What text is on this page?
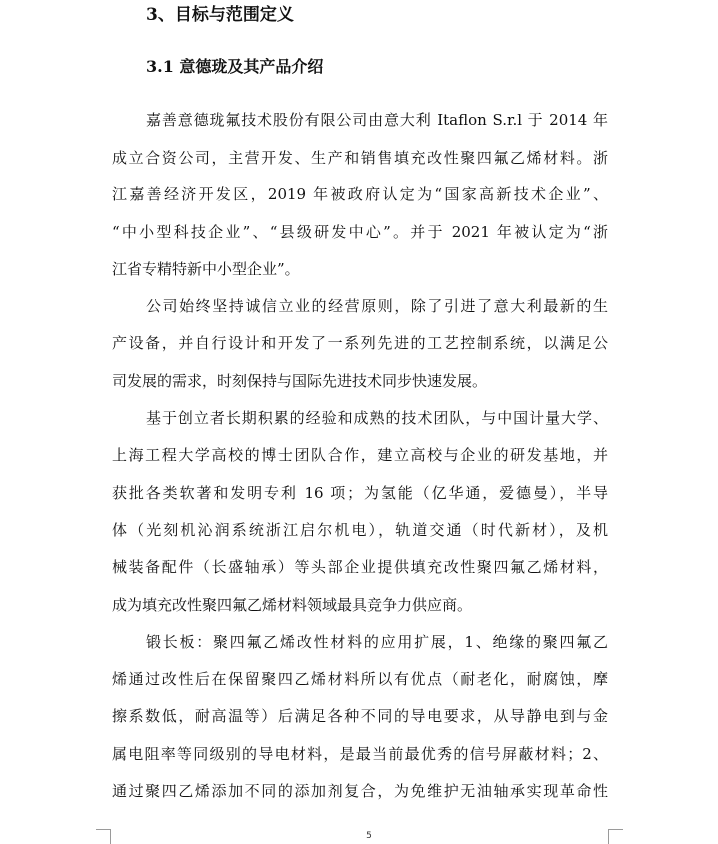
3、目标与范围定义
3.1 意德珑及其产品介绍
嘉善意德珑氟技术股份有限公司由意大利 Itaflon S.r.l 于 2014 年
成立合资公司，主营开发、生产和销售填充改性聚四氟乙烯材料。浙
江嘉善经济开发区，2019 年被政府认定为“国家高新技术企业”、
“中小型科技企业”、“县级研发中心”。并于 2021 年被认定为“浙
江省专精特新中小型企业”。
公司始终坚持诚信立业的经营原则，除了引进了意大利最新的生
产设备，并自行设计和开发了一系列先进的工艺控制系统，以满足公
司发展的需求，时刻保持与国际先进技术同步快速发展。
基于创立者长期积累的经验和成熟的技术团队，与中国计量大学、
上海工程大学高校的博士团队合作，建立高校与企业的研发基地，并
获批各类软著和发明专利 16 项；为氢能（亿华通，爱德曼），半导
体（光刻机沁润系统浙江启尔机电），轨道交通（时代新材），及机
械装备配件（长盛轴承）等头部企业提供填充改性聚四氟乙烯材料，
成为填充改性聚四氟乙烯材料领域最具竞争力供应商。
锻长板：聚四氟乙烯改性材料的应用扩展，1、绝缘的聚四氟乙
烯通过改性后在保留聚四乙烯材料所以有优点（耐老化，耐腐蚀，摩
擦系数低，耐高温等）后满足各种不同的导电要求，从导静电到与金
属电阻率等同级别的导电材料，是最当前最优秀的信号屏蔽材料；2、
通过聚四乙烯添加不同的添加剂复合，为免维护无油轴承实现革命性
5
